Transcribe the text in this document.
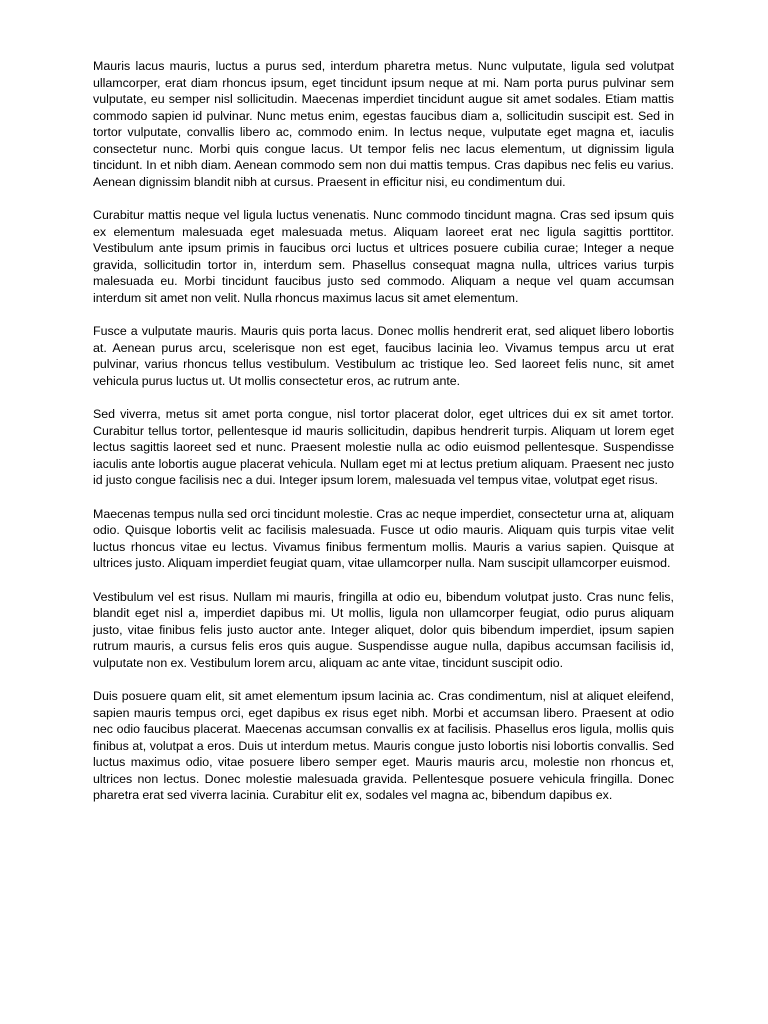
Mauris lacus mauris, luctus a purus sed, interdum pharetra metus. Nunc vulputate, ligula sed volutpat ullamcorper, erat diam rhoncus ipsum, eget tincidunt ipsum neque at mi. Nam porta purus pulvinar sem vulputate, eu semper nisl sollicitudin. Maecenas imperdiet tincidunt augue sit amet sodales. Etiam mattis commodo sapien id pulvinar. Nunc metus enim, egestas faucibus diam a, sollicitudin suscipit est. Sed in tortor vulputate, convallis libero ac, commodo enim. In lectus neque, vulputate eget magna et, iaculis consectetur nunc. Morbi quis congue lacus. Ut tempor felis nec lacus elementum, ut dignissim ligula tincidunt. In et nibh diam. Aenean commodo sem non dui mattis tempus. Cras dapibus nec felis eu varius. Aenean dignissim blandit nibh at cursus. Praesent in efficitur nisi, eu condimentum dui.

Curabitur mattis neque vel ligula luctus venenatis. Nunc commodo tincidunt magna. Cras sed ipsum quis ex elementum malesuada eget malesuada metus. Aliquam laoreet erat nec ligula sagittis porttitor. Vestibulum ante ipsum primis in faucibus orci luctus et ultrices posuere cubilia curae; Integer a neque gravida, sollicitudin tortor in, interdum sem. Phasellus consequat magna nulla, ultrices varius turpis malesuada eu. Morbi tincidunt faucibus justo sed commodo. Aliquam a neque vel quam accumsan interdum sit amet non velit. Nulla rhoncus maximus lacus sit amet elementum.

Fusce a vulputate mauris. Mauris quis porta lacus. Donec mollis hendrerit erat, sed aliquet libero lobortis at. Aenean purus arcu, scelerisque non est eget, faucibus lacinia leo. Vivamus tempus arcu ut erat pulvinar, varius rhoncus tellus vestibulum. Vestibulum ac tristique leo. Sed laoreet felis nunc, sit amet vehicula purus luctus ut. Ut mollis consectetur eros, ac rutrum ante.

Sed viverra, metus sit amet porta congue, nisl tortor placerat dolor, eget ultrices dui ex sit amet tortor. Curabitur tellus tortor, pellentesque id mauris sollicitudin, dapibus hendrerit turpis. Aliquam ut lorem eget lectus sagittis laoreet sed et nunc. Praesent molestie nulla ac odio euismod pellentesque. Suspendisse iaculis ante lobortis augue placerat vehicula. Nullam eget mi at lectus pretium aliquam. Praesent nec justo id justo congue facilisis nec a dui. Integer ipsum lorem, malesuada vel tempus vitae, volutpat eget risus.

Maecenas tempus nulla sed orci tincidunt molestie. Cras ac neque imperdiet, consectetur urna at, aliquam odio. Quisque lobortis velit ac facilisis malesuada. Fusce ut odio mauris. Aliquam quis turpis vitae velit luctus rhoncus vitae eu lectus. Vivamus finibus fermentum mollis. Mauris a varius sapien. Quisque at ultrices justo. Aliquam imperdiet feugiat quam, vitae ullamcorper nulla. Nam suscipit ullamcorper euismod.

Vestibulum vel est risus. Nullam mi mauris, fringilla at odio eu, bibendum volutpat justo. Cras nunc felis, blandit eget nisl a, imperdiet dapibus mi. Ut mollis, ligula non ullamcorper feugiat, odio purus aliquam justo, vitae finibus felis justo auctor ante. Integer aliquet, dolor quis bibendum imperdiet, ipsum sapien rutrum mauris, a cursus felis eros quis augue. Suspendisse augue nulla, dapibus accumsan facilisis id, vulputate non ex. Vestibulum lorem arcu, aliquam ac ante vitae, tincidunt suscipit odio.

Duis posuere quam elit, sit amet elementum ipsum lacinia ac. Cras condimentum, nisl at aliquet eleifend, sapien mauris tempus orci, eget dapibus ex risus eget nibh. Morbi et accumsan libero. Praesent at odio nec odio faucibus placerat. Maecenas accumsan convallis ex at facilisis. Phasellus eros ligula, mollis quis finibus at, volutpat a eros. Duis ut interdum metus. Mauris congue justo lobortis nisi lobortis convallis. Sed luctus maximus odio, vitae posuere libero semper eget. Mauris mauris arcu, molestie non rhoncus et, ultrices non lectus. Donec molestie malesuada gravida. Pellentesque posuere vehicula fringilla. Donec pharetra erat sed viverra lacinia. Curabitur elit ex, sodales vel magna ac, bibendum dapibus ex.
